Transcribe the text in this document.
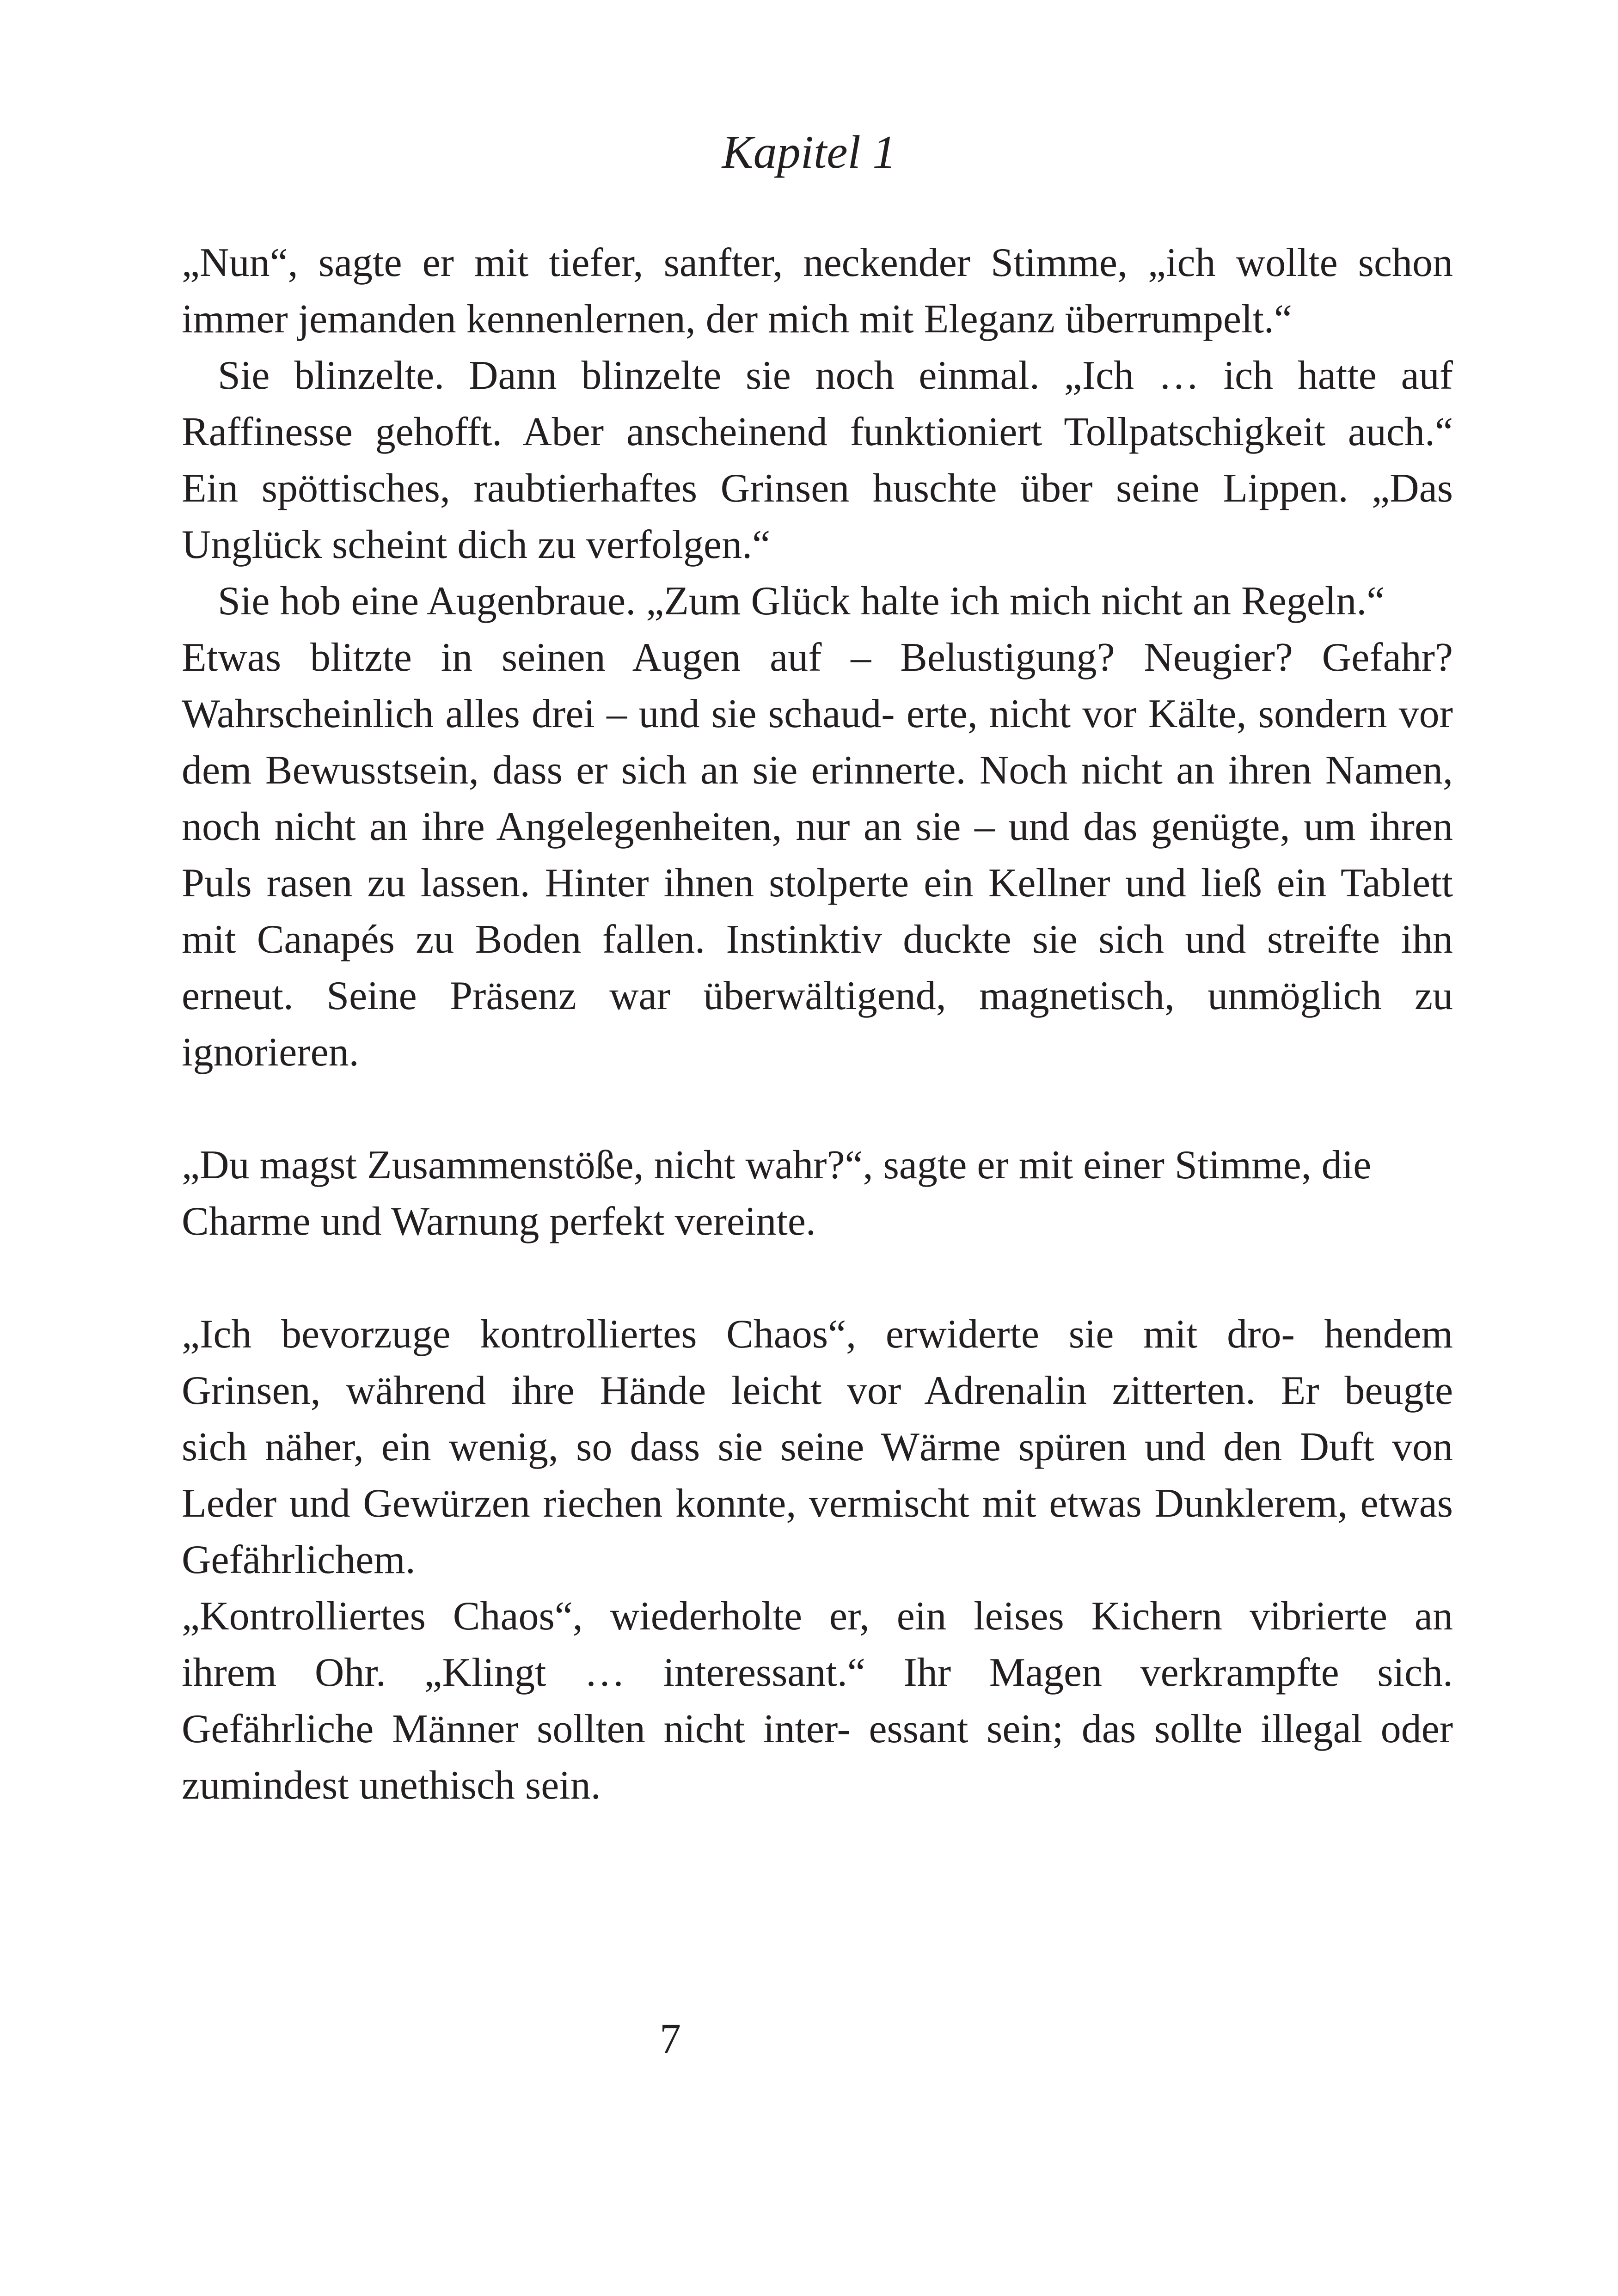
Kapitel 1
„Nun“, sagte er mit tiefer, sanfter, neckender Stimme, „ich wollte schon
immer jemanden kennenlernen, der mich mit Eleganz überrumpelt.“
Sie blinzelte. Dann blinzelte sie noch einmal. „Ich … ich hatte auf
Raffinesse gehofft. Aber anscheinend funktioniert Tollpatschigkeit auch.“
Ein spöttisches, raubtierhaftes Grinsen huschte über seine Lippen. „Das
Unglück scheint dich zu verfolgen.“
Sie hob eine Augenbraue. „Zum Glück halte ich mich nicht an Regeln.“
Etwas blitzte in seinen Augen auf – Belustigung? Neugier? Gefahr?
Wahrscheinlich alles drei – und sie schaud- erte, nicht vor Kälte, sondern vor
dem Bewusstsein, dass er sich an sie erinnerte. Noch nicht an ihren Namen,
noch nicht an ihre Angelegenheiten, nur an sie – und das genügte, um ihren
Puls rasen zu lassen. Hinter ihnen stolperte ein Kellner und ließ ein Tablett
mit Canapés zu Boden fallen. Instinktiv duckte sie sich und streifte ihn
erneut. Seine Präsenz war überwältigend, magnetisch, unmöglich zu
ignorieren.
„Du magst Zusammenstöße, nicht wahr?“, sagte er mit einer Stimme, die
Charme und Warnung perfekt vereinte.
„Ich bevorzuge kontrolliertes Chaos“, erwiderte sie mit dro- hendem
Grinsen, während ihre Hände leicht vor Adrenalin zitterten. Er beugte
sich näher, ein wenig, so dass sie seine Wärme spüren und den Duft von
Leder und Gewürzen riechen konnte, vermischt mit etwas Dunklerem, etwas
Gefährlichem.
„Kontrolliertes Chaos“, wiederholte er, ein leises Kichern vibrierte an
ihrem Ohr. „Klingt … interessant.“ Ihr Magen verkrampfte sich.
Gefährliche Männer sollten nicht inter- essant sein; das sollte illegal oder
zumindest unethisch sein.
7
